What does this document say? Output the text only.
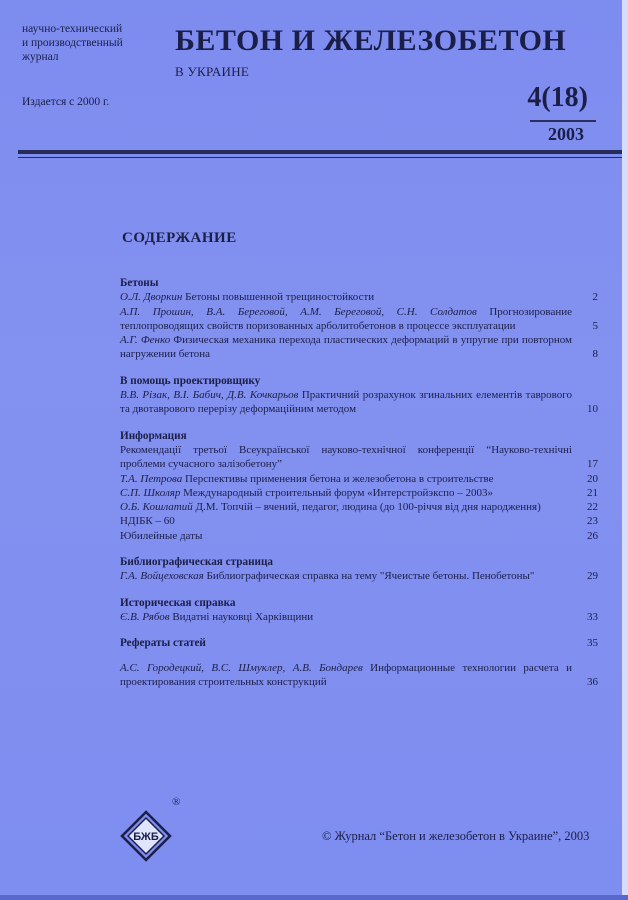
научно-технический
и производственный
журнал	БЕТОН И ЖЕЛЕЗОБЕТОН
В УКРАИНЕ
Издается с 2000 г.	4(18)
2003
СОДЕРЖАНИЕ
Бетоны
О.Л. Дворкин Бетоны повышенной трещиностойкости	2
А.П. Прошин, В.А. Береговой, А.М. Береговой, С.Н. Солдатов Прогнозирование теплопроводящих свойств поризованных арболитобетонов в процессе эксплуатации	5
А.Г. Фенко Физическая механика перехода пластических деформаций в упругие при повторном нагружении бетона	8
В помощь проектировщику
В.В. Різак, В.І. Бабич, Д.В. Кочкарьов Практичний розрахунок згинальних елементів таврового та двотаврового перерізу деформаційним методом	10
Информация
Рекомендації третьої Всеукраїнської науково-технічної конференції “Науково-технічні проблеми сучасного залізобетону”	17
Т.А. Петрова Перспективы применения бетона и железобетона в строительстве	20
С.П. Школяр Международный строительный форум «Интерстройэкспо – 2003»	21
О.Б. Кошлатий Д.М. Топчій – вчений, педагог, людина (до 100-річчя від дня народження)	22
НДІБК – 60	23
Юбилейные даты	26
Библиографическая страница
Г.А. Войцеховская Библиографическая справка на тему "Ячеистые бетоны. Пенобетоны"	29
Историческая справка
Є.В. Рябов Видатні науковці Харківщини	33
Рефераты статей	35
А.С. Городецкий, В.С. Шмуклер, А.В. Бондарев Информационные технологии расчета и проектирования строительных конструкций	36
БЖБ
®
© Журнал “Бетон и железобетон в Украине”, 2003
